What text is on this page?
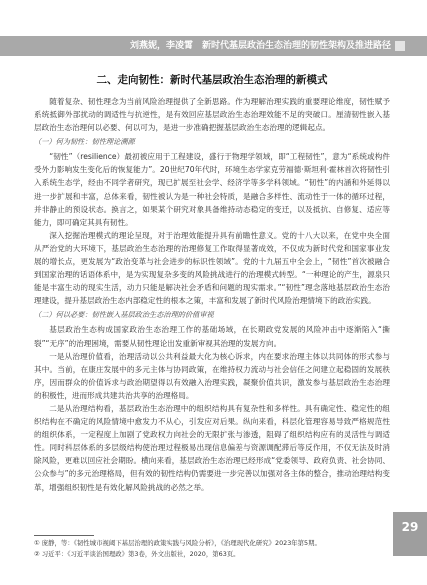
刘燕妮，李凌霄　新时代基层政治生态治理的韧性架构及推进路径
二、走向韧性：新时代基层政治生态治理的新模式

随着复杂、韧性理念为当前风险治理提供了全新思路。作为理解治理实践的重要理论维度，韧性赋予系统抵御外部扰动的调适性与抗逆性，是有效回应基层政治生态治理效能不足的突破口。厘清韧性嵌入基层政治生态治理何以必要、何以可为，是进一步准确把握基层政治生态治理的逻辑起点。

（一）何为韧性：韧性理论溯源

“韧性”（resilience）最初被应用于工程建设，盛行于物理学领域，即“工程韧性”，意为“系统或构件受外力影响发生变化后的恢复能力”。20世纪70年代时，环境生态学家克劳福德·斯坦利·霍林首次将韧性引入系统生态学，经由不同学者研究，现已扩展至社会学、经济学等多学科领域。“韧性”的内涵和外延得以进一步扩展和丰富，总体来看，韧性被认为是一种社会特质，是融合多样性、流动性于一体的循环过程，并非静止的预设状态。换言之，如果某个研究对象具备维持动态稳定的变迁，以及抵抗、自修复、适应等能力，即可确定其具有韧性。

深入挖掘治理模式的理论呈现，对于治理效能提升具有前瞻性意义。党的十八大以来，在党中央全面从严治党的大环境下，基层政治生态治理的治理修复工作取得显著成效，不仅成为新时代党和国家事业发展的增长点，更发展为“政治变革与社会进步的标识性领域”。党的十九届五中全会上，“韧性”首次被融合到国家治理的话语体系中，是为实现复杂多变的风险挑战进行的治理模式转型。“一种理论的产生，源泉只能是丰富生动的现实生活，动力只能是解决社会矛盾和问题的现实需求。”“韧性”理念落地基层政治生态治理建设，提升基层政治生态内部稳定性的根本之策，丰富和发展了新时代风险治理情境下的政治实践。

（二）何以必要：韧性嵌入基层政治生态治理的价值审视

基层政治生态构成国家政治生态治理工作的基础场域，在长期政党发展的风险冲击中逐渐陷入“撕裂”“无序”的治理困境，需要从韧性理论出发重新审视其治理的发展方向。

一是从治理价值看，治理活动以公共利益最大化为核心诉求，内在要求治理主体以共同体的形式参与其中。当前，在康庄发展中的多元主体与协同政策，在维持权力流动与社会信任之间建立起稳固的发展秩序，因而群众的价值诉求与政治期望得以有效融入治理实践，凝聚价值共识，激发参与基层政治生态治理的积极性，进而形成共建共治共享的治理格局。

二是从治理结构看，基层政治生态治理中的组织结构具有复杂性和多样性。具有确定性、稳定性的组织结构在不确定的风险情境中愈发力不从心，引发应对后果。纵向来看，科层化管理容易导致严格规范性的组织体系，一定程度上加剧了党政权力向社会的无限扩张与渗透，阻碍了组织结构应有的灵活性与调适性。同时科层体系的多层级结构使治理过程极易出现信息偏差与资源调配滞后等反作用，不仅无法及时消除风险，更难以回应社会期盼。横向来看，基层政治生态治理已经形成“党委领导、政府负责、社会协同、公众参与”的多元治理格局，但有效的韧性结构仍需要进一步完善以加强对各主体的整合，推动治理结构变革，增强组织韧性是有效化解风险挑战的必然之举。

① 庞静，等：《韧性城市视阈下基层治理的政策实践与风险分析》，《治理现代化研究》2023年第5期。

② 习近平：《习近平谈治国理政》第3卷，外文出版社，2020，第63页。

29
